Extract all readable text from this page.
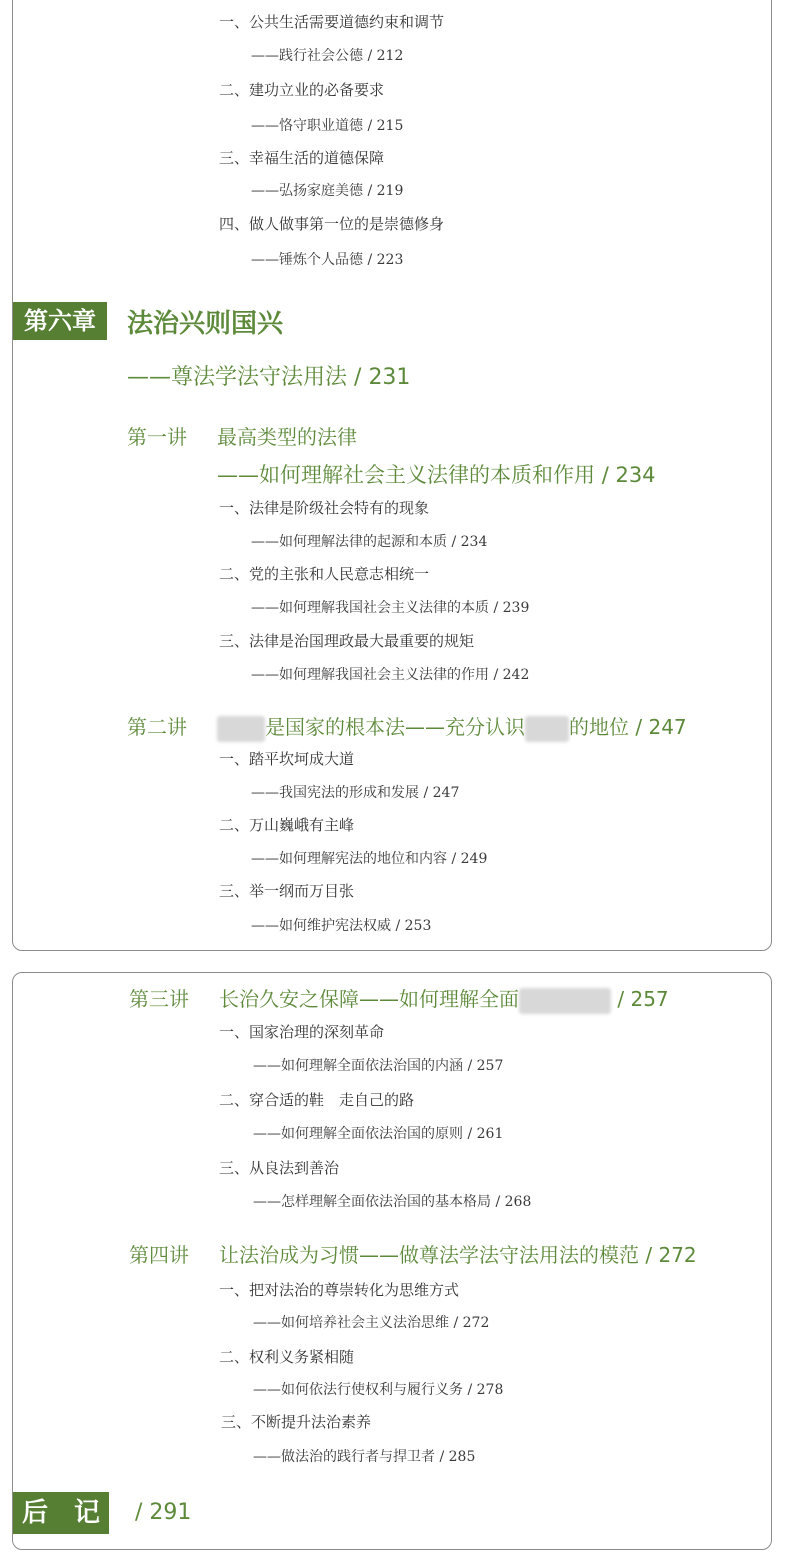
一、公共生活需要道德约束和调节
——践行社会公德 / 212
二、建功立业的必备要求
——恪守职业道德 / 215
三、幸福生活的道德保障
——弘扬家庭美德 / 219
四、做人做事第一位的是崇德修身
——锤炼个人品德 / 223
第六章	法治兴则国兴
——尊法学法守法用法 / 231
第一讲 最高类型的法律
——如何理解社会主义法律的本质和作用 / 234
一、法律是阶级社会特有的现象
——如何理解法律的起源和本质 / 234
二、党的主张和人民意志相统一
——如何理解我国社会主义法律的本质 / 239
三、法律是治国理政最大最重要的规矩
——如何理解我国社会主义法律的作用 / 242
第二讲	是国家的根本法——充分认识 的地位 / 247
一、踏平坎坷成大道
——我国宪法的形成和发展 / 247
二、万山巍峨有主峰
——如何理解宪法的地位和内容 / 249
三、举一纲而万目张
——如何维护宪法权威 / 253
第三讲 长治久安之保障——如何理解全面	/ 257
一、国家治理的深刻革命
——如何理解全面依法治国的内涵 / 257
二、穿合适的鞋　走自己的路
——如何理解全面依法治国的原则 / 261
三、从良法到善治
——怎样理解全面依法治国的基本格局 / 268
第四讲 让法治成为习惯——做尊法学法守法用法的模范 / 272
一、把对法治的尊崇转化为思维方式
——如何培养社会主义法治思维 / 272
二、权利义务紧相随
——如何依法行使权利与履行义务 / 278
三、不断提升法治素养
——做法治的践行者与捍卫者 / 285
后　记	/ 291
